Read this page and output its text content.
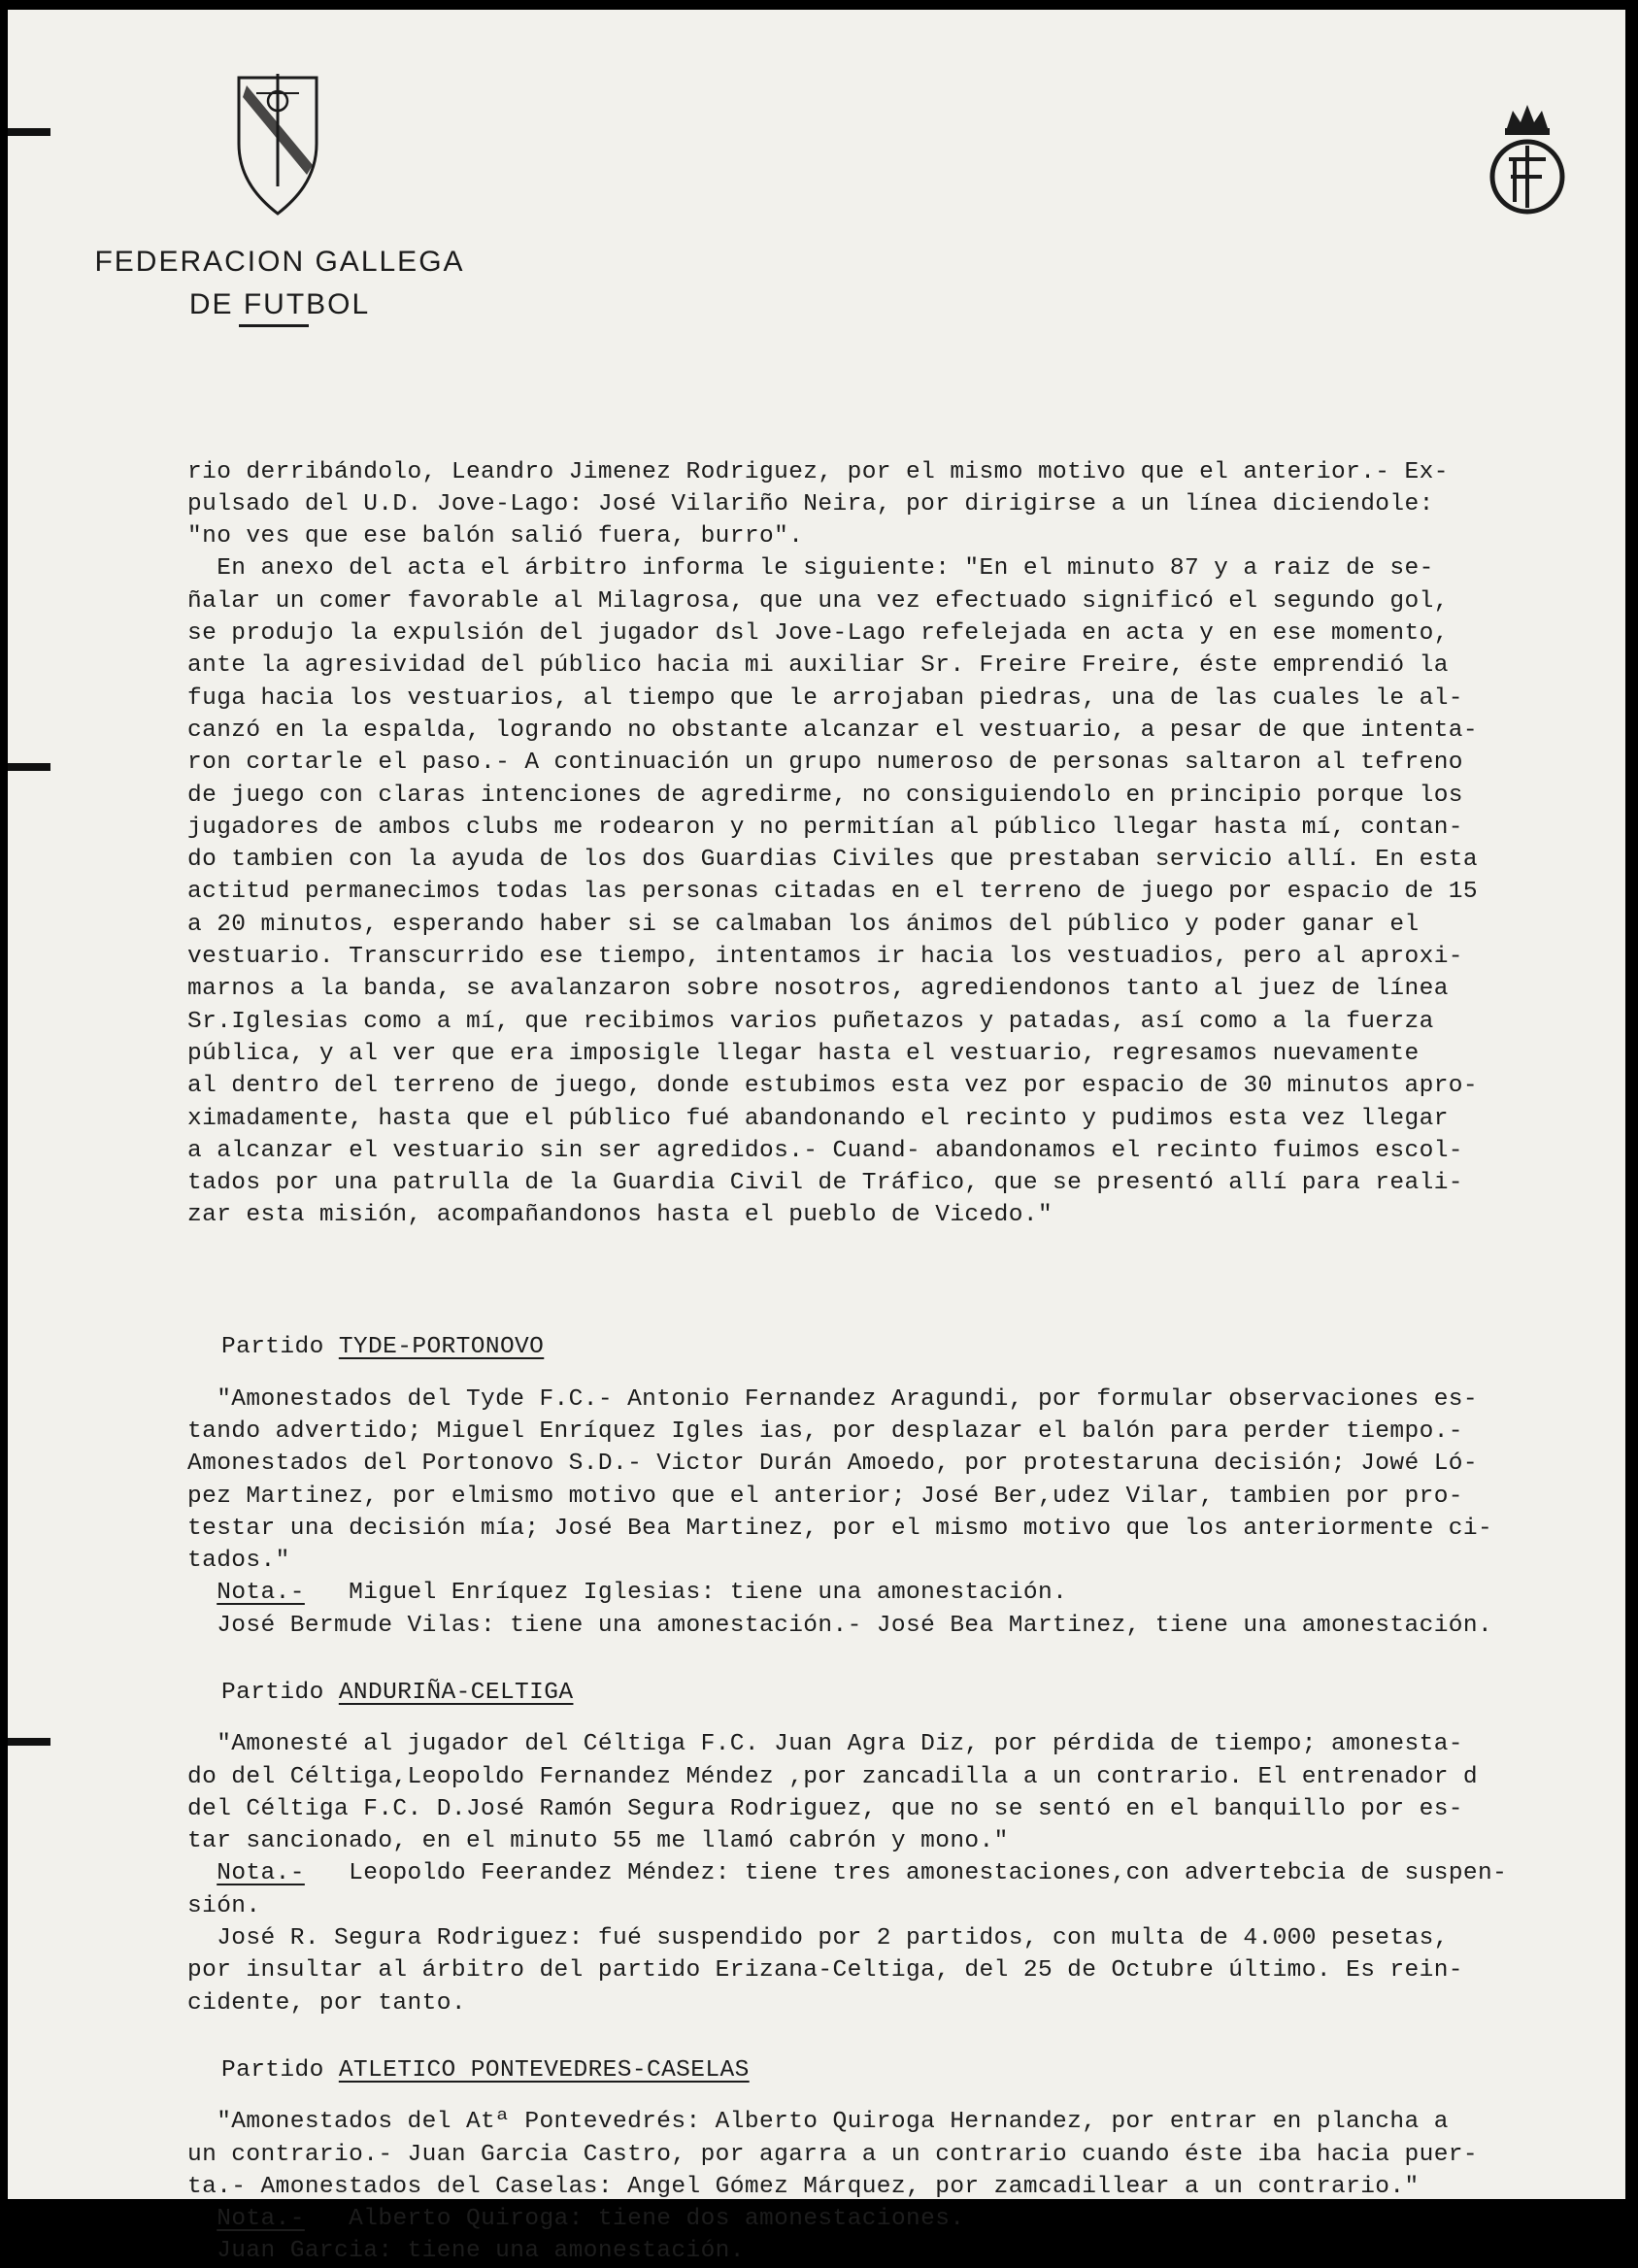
FEDERACION GALLEGA
DE FUTBOL

rio derribándolo, Leandro Jimenez Rodriguez, por el mismo motivo que el anterior.- Ex-
pulsado del U.D. Jove-Lago: José Vilariño Neira, por dirigirse a un línea diciendole:
"no ves que ese balón salió fuera, burro".
En anexo del acta el árbitro informa le siguiente: "En el minuto 87 y a raiz de se-
ñalar un comer favorable al Milagrosa, que una vez efectuado significó el segundo gol,
se produjo la expulsión del jugador dsl Jove-Lago refelejada en acta y en ese momento,
ante la agresividad del público hacia mi auxiliar Sr. Freire Freire, éste emprendió la
fuga hacia los vestuarios, al tiempo que le arrojaban piedras, una de las cuales le al-
canzó en la espalda, logrando no obstante alcanzar el vestuario, a pesar de que intenta-
ron cortarle el paso.- A continuación un grupo numeroso de personas saltaron al tefreno
de juego con claras intenciones de agredirme, no consiguiendolo en principio porque los
jugadores de ambos clubs me rodearon y no permitían al público llegar hasta mí, contan-
do tambien con la ayuda de los dos Guardias Civiles que prestaban servicio allí. En esta
actitud permanecimos todas las personas citadas en el terreno de juego por espacio de 15
a 20 minutos, esperando haber si se calmaban los ánimos del público y poder ganar el
vestuario. Transcurrido ese tiempo, intentamos ir hacia los vestuadios, pero al aproxi-
marnos a la banda, se avalanzaron sobre nosotros, agrediendonos tanto al juez de línea
Sr.Iglesias como a mí, que recibimos varios puñetazos y patadas, así como a la fuerza
pública, y al ver que era imposigle llegar hasta el vestuario, regresamos nuevamente
al dentro del terreno de juego, donde estubimos esta vez por espacio de 30 minutos apro-
ximadamente, hasta que el público fué abandonando el recinto y pudimos esta vez llegar
a alcanzar el vestuario sin ser agredidos.- Cuand- abandonamos el recinto fuimos escol-
tados por una patrulla de la Guardia Civil de Tráfico, que se presentó allí para reali-
zar esta misión, acompañandonos hasta el pueblo de Vicedo."

Partido TYDE-PORTONOVO
"Amonestados del Tyde F.C.- Antonio Fernandez Aragundi, por formular observaciones es-
tando advertido; Miguel Enríquez Igles ias, por desplazar el balón para perder tiempo.-
Amonestados del Portonovo S.D.- Victor Durán Amoedo, por protestaruna decisión; Jowé Ló-
pez Martinez, por elmismo motivo que el anterior; José Ber,udez Vilar, tambien por pro-
testar una decisión mía; José Bea Martinez, por el mismo motivo que los anteriormente ci-
tados."
Nota.-   Miguel Enríquez Iglesias: tiene una amonestación.
José Bermude Vilas: tiene una amonestación.- José Bea Martinez, tiene una amonestación.
Partido ANDURIÑA-CELTIGA
"Amonesté al jugador del Céltiga F.C. Juan Agra Diz, por pérdida de tiempo; amonesta-
do del Céltiga,Leopoldo Fernandez Méndez ,por zancadilla a un contrario. El entrenador d
del Céltiga F.C. D.José Ramón Segura Rodriguez, que no se sentó en el banquillo por es-
tar sancionado, en el minuto 55 me llamó cabrón y mono."
Nota.-   Leopoldo Feerandez Méndez: tiene tres amonestaciones,con advertebcia de suspen-
sión.
José R. Segura Rodriguez: fué suspendido por 2 partidos, con multa de 4.000 pesetas,
por insultar al árbitro del partido Erizana-Celtiga, del 25 de Octubre último. Es rein-
cidente, por tanto.
Partido ATLETICO PONTEVEDRES-CASELAS
"Amonestados del Atª Pontevedrés: Alberto Quiroga Hernandez, por entrar en plancha a
un contrario.- Juan Garcia Castro, por agarra a un contrario cuando éste iba hacia puer-
ta.- Amonestados del Caselas: Angel Gómez Márquez, por zamcadillear a un contrario."
Nota.-   Alberto Quiroga: tiene dos amonestaciones.
Juan Garcia: tiene una amonestación.
